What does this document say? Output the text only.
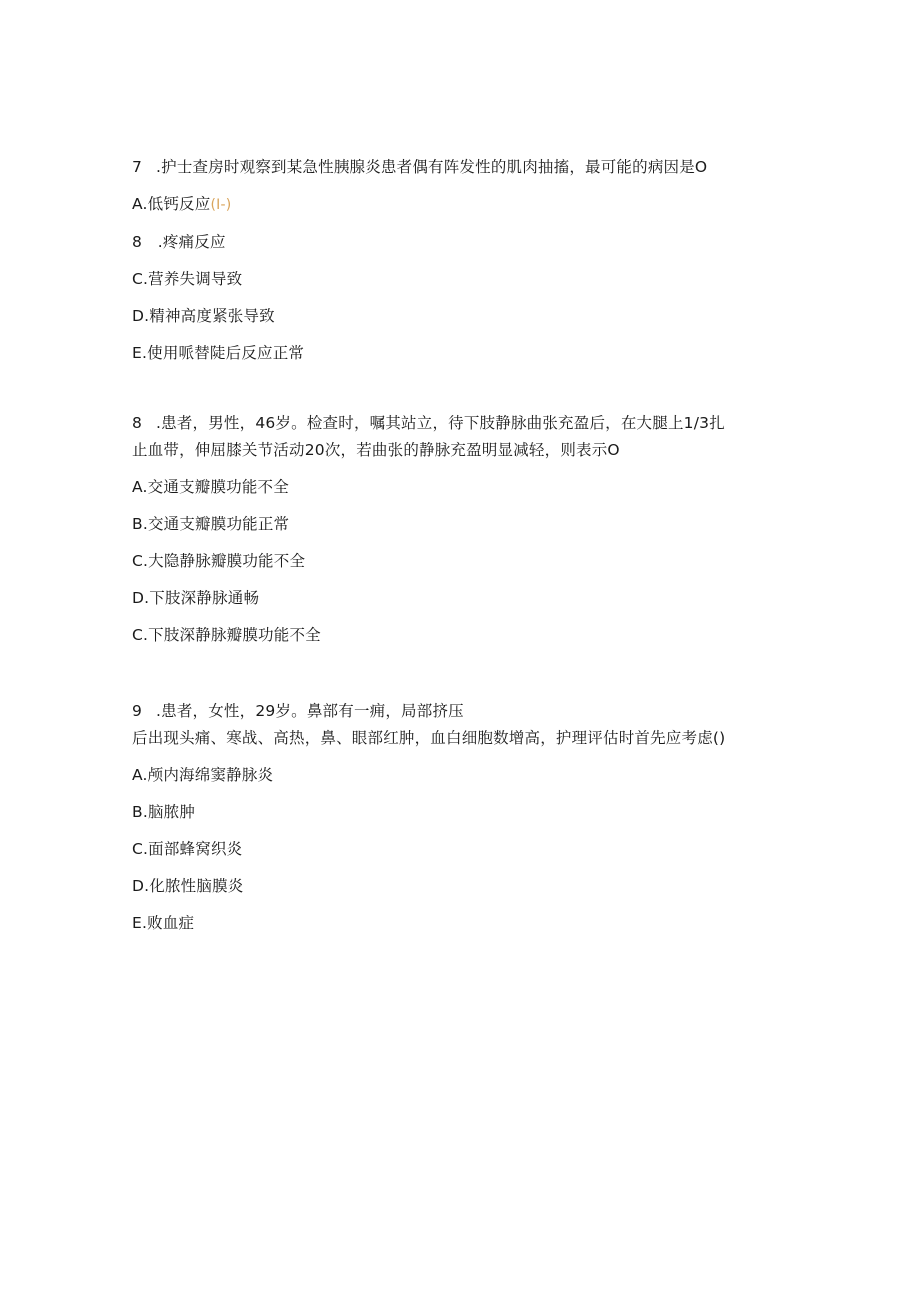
7 .护士查房时观察到某急性胰腺炎患者偶有阵发性的肌肉抽搐，最可能的病因是O

A.低钙反应(I-)

8 .疼痛反应

C.营养失调导致

D.精神高度紧张导致

E.使用哌替陡后反应正常

8 .患者，男性，46岁。检查时，嘱其站立，待下肢静脉曲张充盈后，在大腿上1/3扎

止血带，伸屈膝关节活动20次，若曲张的静脉充盈明显减轻，则表示O

A.交通支瓣膜功能不全

B.交通支瓣膜功能正常

C.大隐静脉瓣膜功能不全

D.下肢深静脉通畅

C.下肢深静脉瓣膜功能不全

9 .患者，女性，29岁。鼻部有一痈，局部挤压

后出现头痛、寒战、高热，鼻、眼部红肿，血白细胞数增高，护理评估时首先应考虑()

A.颅内海绵窦静脉炎

B.脑脓肿

C.面部蜂窝织炎

D.化脓性脑膜炎

E.败血症
